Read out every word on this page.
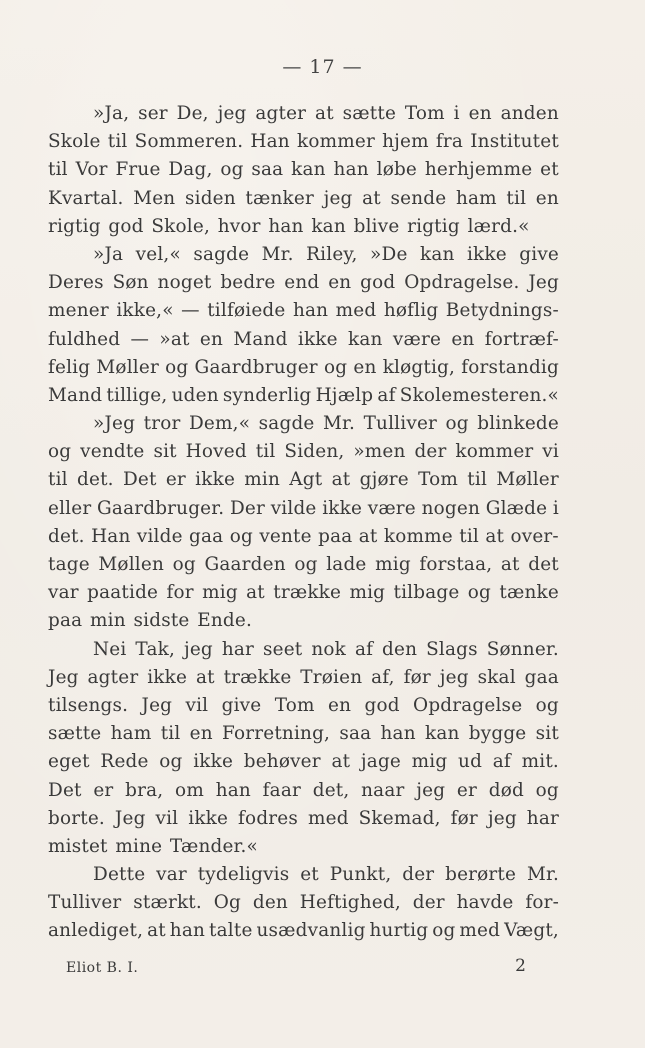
— 17 —
»Ja, ser De, jeg agter at sætte Tom i en anden
Skole til Sommeren. Han kommer hjem fra Institutet
til Vor Frue Dag, og saa kan han løbe herhjemme et
Kvartal. Men siden tænker jeg at sende ham til en
rigtig god Skole, hvor han kan blive rigtig lærd.«
»Ja vel,« sagde Mr. Riley, »De kan ikke give
Deres Søn noget bedre end en god Opdragelse. Jeg
mener ikke,« — tilføiede han med høflig Betydnings-
fuldhed — »at en Mand ikke kan være en fortræf-
felig Møller og Gaardbruger og en kløgtig, forstandig
Mand tillige, uden synderlig Hjælp af Skolemesteren.«
»Jeg tror Dem,« sagde Mr. Tulliver og blinkede
og vendte sit Hoved til Siden, »men der kommer vi
til det. Det er ikke min Agt at gjøre Tom til Møller
eller Gaardbruger. Der vilde ikke være nogen Glæde i
det. Han vilde gaa og vente paa at komme til at over-
tage Møllen og Gaarden og lade mig forstaa, at det
var paatide for mig at trække mig tilbage og tænke
paa min sidste Ende.
Nei Tak, jeg har seet nok af den Slags Sønner.
Jeg agter ikke at trække Trøien af, før jeg skal gaa
tilsengs. Jeg vil give Tom en god Opdragelse og
sætte ham til en Forretning, saa han kan bygge sit
eget Rede og ikke behøver at jage mig ud af mit.
Det er bra, om han faar det, naar jeg er død og
borte. Jeg vil ikke fodres med Skemad, før jeg har
mistet mine Tænder.«
Dette var tydeligvis et Punkt, der berørte Mr.
Tulliver stærkt. Og den Heftighed, der havde for-
anlediget, at han talte usædvanlig hurtig og med Vægt,
Eliot B. I.	2
